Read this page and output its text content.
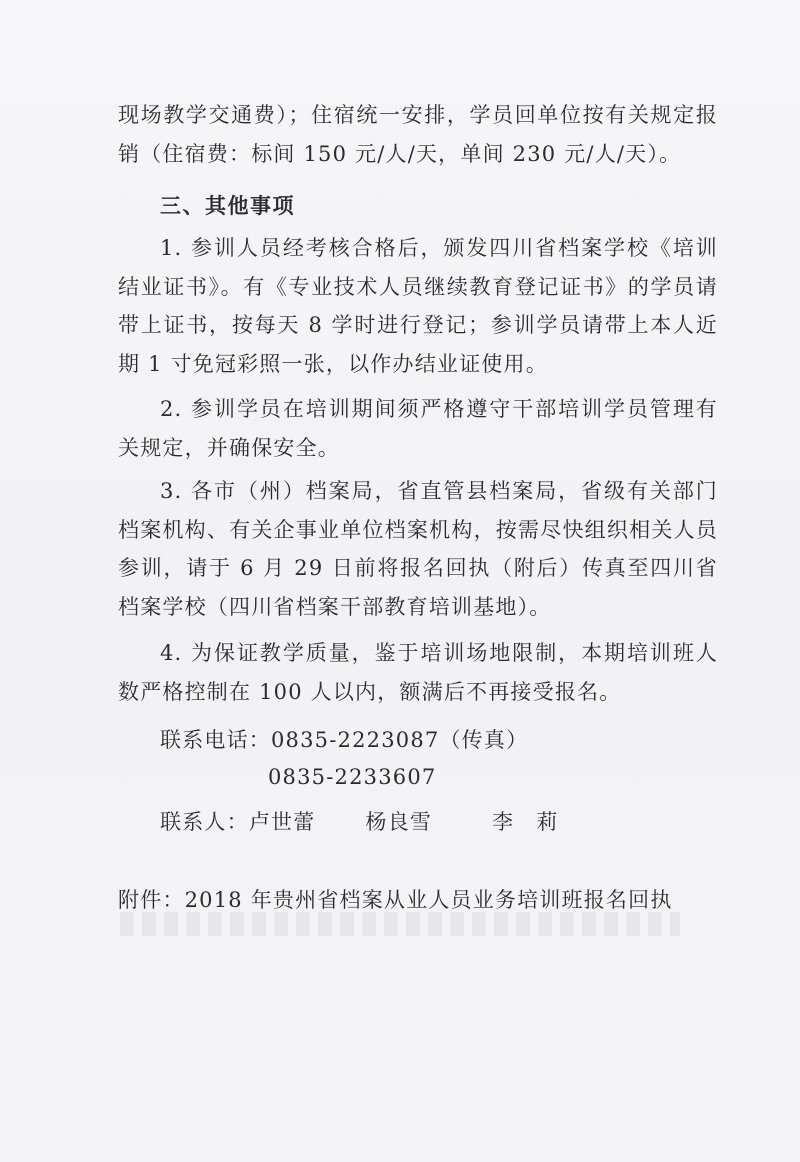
现场教学交通费）；住宿统一安排，学员回单位按有关规定报销（住宿费：标间 150 元/人/天，单间 230 元/人/天）。

三、其他事项

1. 参训人员经考核合格后，颁发四川省档案学校《培训结业证书》。有《专业技术人员继续教育登记证书》的学员请带上证书，按每天 8 学时进行登记；参训学员请带上本人近期 1 寸免冠彩照一张，以作办结业证使用。

2. 参训学员在培训期间须严格遵守干部培训学员管理有关规定，并确保安全。

3. 各市（州）档案局，省直管县档案局，省级有关部门档案机构、有关企事业单位档案机构，按需尽快组织相关人员参训，请于 6 月 29 日前将报名回执（附后）传真至四川省档案学校（四川省档案干部教育培训基地）。

4. 为保证教学质量，鉴于培训场地限制，本期培训班人数严格控制在 100 人以内，额满后不再接受报名。

联系电话：0835-2223087（传真）

0835-2233607

联系人：卢世蕾 杨良雪	李　莉

附件：2018 年贵州省档案从业人员业务培训班报名回执
